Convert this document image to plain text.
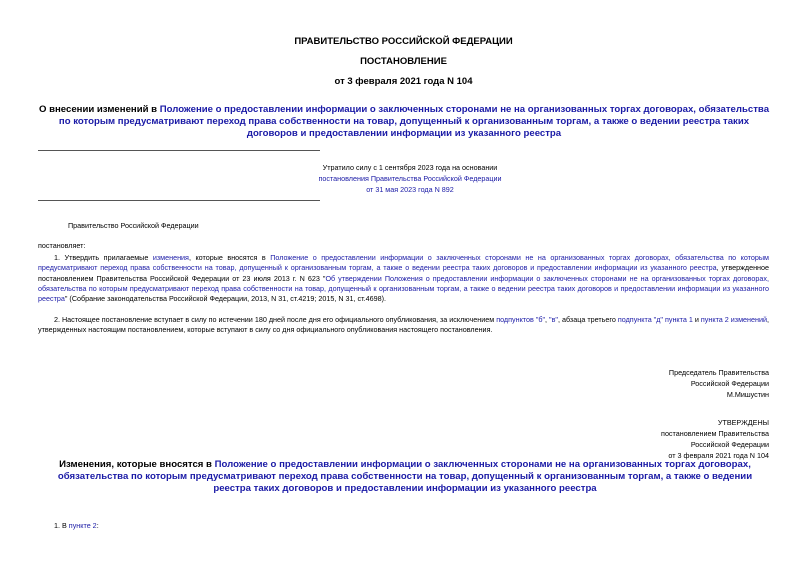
ПРАВИТЕЛЬСТВО РОССИЙСКОЙ ФЕДЕРАЦИИ
ПОСТАНОВЛЕНИЕ
от 3 февраля 2021 года N 104
О внесении изменений в Положение о предоставлении информации о заключенных сторонами не на организованных торгах договорах, обязательства по которым предусматривают переход права собственности на товар, допущенный к организованным торгам, а также о ведении реестра таких договоров и предоставлении информации из указанного реестра
Утратило силу с 1 сентября 2023 года на основании
постановления Правительства Российской Федерации
от 31 мая 2023 года N 892
Правительство Российской Федерации
постановляет:
1. Утвердить прилагаемые изменения, которые вносятся в Положение о предоставлении информации о заключенных сторонами не на организованных торгах договорах, обязательства по которым предусматривают переход права собственности на товар, допущенный к организованным торгам, а также о ведении реестра таких договоров и предоставлении информации из указанного реестра, утвержденное постановлением Правительства Российской Федерации от 23 июля 2013 г. N 623 "Об утверждении Положения о предоставлении информации о заключенных сторонами не на организованных торгах договорах, обязательства по которым предусматривают переход права собственности на товар, допущенный к организованным торгам, а также о ведении реестра таких договоров и предоставлении информации из указанного реестра" (Собрание законодательства Российской Федерации, 2013, N 31, ст.4219; 2015, N 31, ст.4698).
2. Настоящее постановление вступает в силу по истечении 180 дней после дня его официального опубликования, за исключением подпунктов "б", "в", абзаца третьего подпункта "д" пункта 1 и пункта 2 изменений, утвержденных настоящим постановлением, которые вступают в силу со дня официального опубликования настоящего постановления.
Председатель Правительства
Российской Федерации
М.Мишустин
УТВЕРЖДЕНЫ
постановлением Правительства
Российской Федерации
от 3 февраля 2021 года N 104
Изменения, которые вносятся в Положение о предоставлении информации о заключенных сторонами не на организованных торгах договорах, обязательства по которым предусматривают переход права собственности на товар, допущенный к организованным торгам, а также о ведении реестра таких договоров и предоставлении информации из указанного реестра
1. В пункте 2:
